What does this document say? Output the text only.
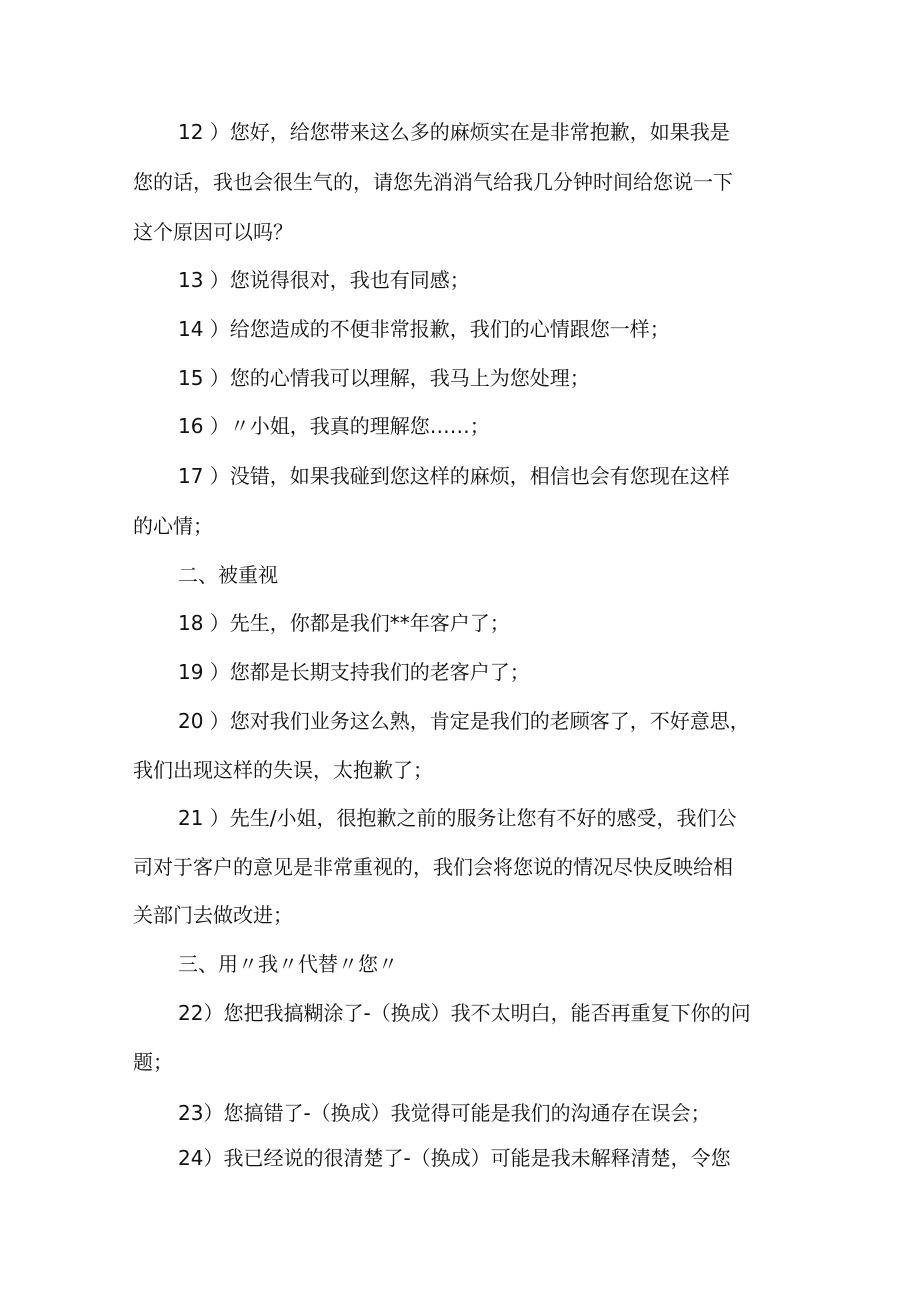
12 ）您好，给您带来这么多的麻烦实在是非常抱歉，如果我是
您的话，我也会很生气的，请您先消消气给我几分钟时间给您说一下
这个原因可以吗？
13 ）您说得很对，我也有同感；
14 ）给您造成的不便非常报歉，我们的心情跟您一样；
15 ）您的心情我可以理解，我马上为您处理；
16 ）〃小姐，我真的理解您……；
17 ）没错，如果我碰到您这样的麻烦，相信也会有您现在这样
的心情；
二、被重视
18 ）先生，你都是我们**年客户了；
19 ）您都是长期支持我们的老客户了；
20 ）您对我们业务这么熟，肯定是我们的老顾客了，不好意思，
我们出现这样的失误，太抱歉了；
21 ）先生/小姐，很抱歉之前的服务让您有不好的感受，我们公
司对于客户的意见是非常重视的，我们会将您说的情况尽快反映给相
关部门去做改进；
三、用〃我〃代替〃您〃
22）您把我搞糊涂了-（换成）我不太明白，能否再重复下你的问
题；
23）您搞错了-（换成）我觉得可能是我们的沟通存在误会；
24）我已经说的很清楚了-（换成）可能是我未解释清楚，令您
